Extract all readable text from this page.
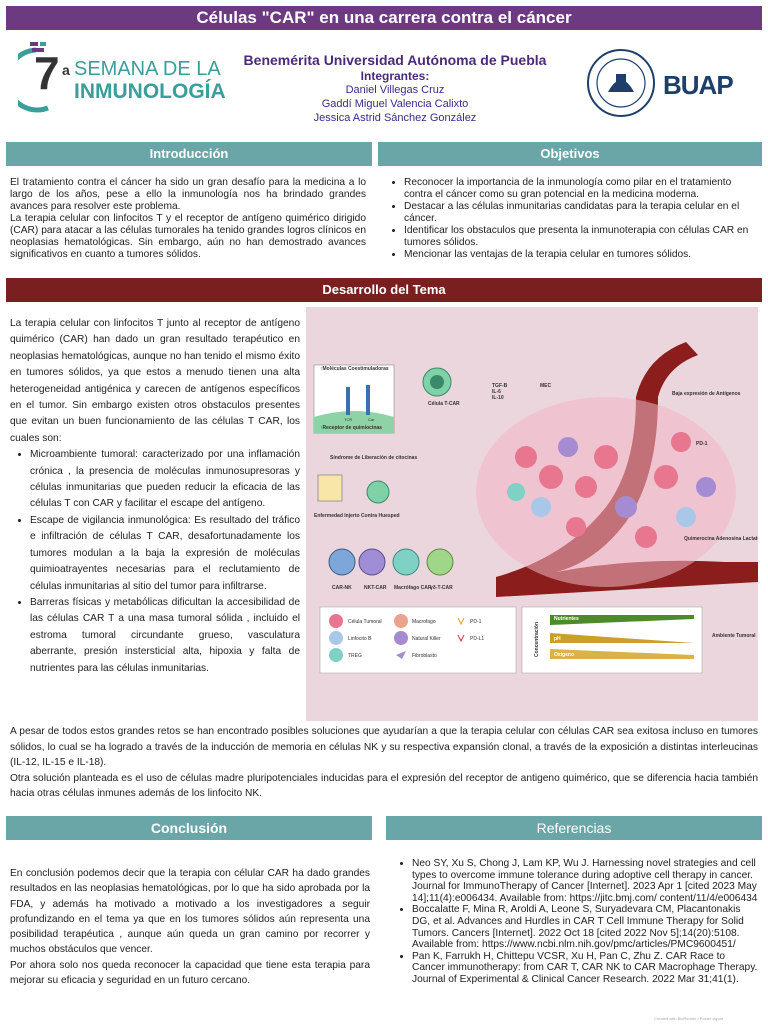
Células "CAR" en una carrera contra el cáncer
7 a SEMANA DE LA
INMUNOLOGÍA
Benemérita Universidad Autónoma de Puebla
Integrantes:
Daniel Villegas Cruz
Gaddí Miguel Valencia Calixto
Jessica Astrid Sánchez González
BUAP
Introducción	Objetivos

El tratamiento contra el cáncer ha sido un gran desafío para la medicina a lo largo de los años, pese a ello la inmunología nos ha brindado grandes avances para resolver este problema.

La terapia celular con linfocitos T y el receptor de antígeno quimérico dirigido (CAR) para atacar a las células tumorales ha tenido grandes logros clínicos en neoplasias hematológicas. Sin embargo, aún no han demostrado avances significativos en cuanto a tumores sólidos.

• Reconocer la importancia de la inmunología como pilar en el tratamiento contra el cáncer como su gran potencial en la medicina moderna.
• Destacar a las células inmunitarias candidatas para la terapia celular en el cáncer.
• Identificar los obstaculos que presenta la inmunoterapia con células CAR en tumores sólidos.
• Mencionar las ventajas de la terapia celular en tumores sólidos.
Desarrollo del Tema

La terapia celular con linfocitos T junto al receptor de antígeno quimérico (CAR) han dado un gran resultado terapéutico en neoplasias hematológicas, aunque no han tenido el mismo éxito en tumores sólidos, ya que estos a menudo tienen una alta heterogeneidad antigénica y carecen de antígenos específicos en el tumor. Sin embargo existen otros obstaculos presentes que evitan un buen funcionamiento de las células T CAR, los cuales son:

• Microambiente tumoral: caracterizado por una inflamación crónica , la presencia de moléculas inmunosupresoras y células inmunitarias que pueden reducir la eficacia de las células T con CAR y facilitar el escape del antígeno.
• Escape de vigilancia inmunológica: Es resultado del tráfico e infiltración de células T CAR, desafortunadamente los tumores modulan a la baja la expresión de moléculas quimioatrayentes necesarias para el reclutamiento de células inmunitarias al sitio del tumor para infiltrarse.
• Barreras físicas y metabólicas dificultan la accesibilidad de las células CAR T a una masa tumoral sólida , incluido el estroma tumoral circundante grueso, vasculatura aberrante, presión instersticial alta, hipoxia y falta de nutrientes para las células inmunitarias.
↑Moléculas Coestimuladoras
↑Receptor de quimiocinas
TCR	Car
Célula T-CAR
TGF-B
IL-6
IL-10
MEC
Baja expresión de Antígenos
PD-1
Síndrome de Liberación de citocinas
Enfermedad Injerto Contra Huesped
CAR-NK NKT-CAR Macrófago CAR
γδ-T-CAR
Quimerocina Adenosina Lactato
Célula Tumoral	Macrofago	PD-1
Linfocito B	Natural Killer	PD-L1
TREG	Fibroblasto	Concentración
Nutrientes
pH
Oxígeno
Ambiente Tumoral

A pesar de todos estos grandes retos se han encontrado posibles soluciones que ayudarían a que la terapia celular con células CAR sea exitosa incluso en tumores sólidos, lo cual se ha logrado a través de la inducción de memoria en células NK y su respectiva expansión clonal, a través de la exposición a distintas interleucinas (IL-12, IL-15 e IL-18).

Otra solución planteada es el uso de células madre pluripotenciales inducidas para el expresión del receptor de antigeno quimérico, que se diferencia hacia también hacia otras células inmunes además de los linfocito NK.

Conclusión	Referencias

En conclusión podemos decir que la terapia con célular CAR ha dado grandes resultados en las neoplasias hematológicas, por lo que ha sido aprobada por la FDA, y además ha motivado a motivado a los investigadores a seguir profundizando en el tema ya que en los tumores sólidos aún representa una posibilidad terapéutica , aunque aún queda un gran camino por recorrer y muchos obstáculos que vencer.

Por ahora solo nos queda reconocer la capacidad que tiene esta terapia para mejorar su eficacia y seguridad en un futuro cercano.

• Neo SY, Xu S, Chong J, Lam KP, Wu J. Harnessing novel strategies and cell types to overcome immune tolerance during adoptive cell therapy in cancer. Journal for ImmunoTherapy of Cancer [Internet]. 2023 Apr 1 [cited 2023 May 14];11(4):e006434. Available from: https://jitc.bmj.com/ content/11/4/e006434
• Boccalatte F, Mina R, Aroldi A, Leone S, Suryadevara CM, Placantonakis DG, et al. Advances and Hurdles in CAR T Cell Immune Therapy for Solid Tumors. Cancers [Internet]. 2022 Oct 18 [cited 2022 Nov 5];14(20):5108. Available from: https://www.ncbi.nlm.nih.gov/pmc/articles/PMC9600451/
• Pan K, Farrukh H, Chittepu VCSR, Xu H, Pan C, Zhu Z. CAR Race to Cancer immunotherapy: from CAR T, CAR NK to CAR Macrophage Therapy. Journal of Experimental & Clinical Cancer Research. 2022 Mar 31;41(1).
Created with BioRender / Poster layout
